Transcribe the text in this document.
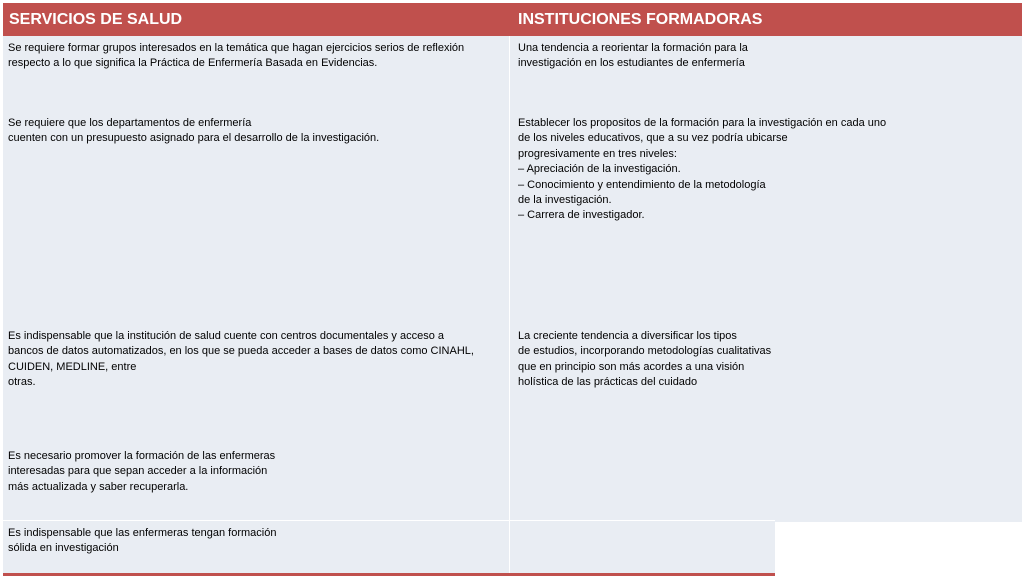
SERVICIOS DE SALUD	INSTITUCIONES FORMADORAS
Se requiere formar grupos interesados en la temática que hagan ejercicios serios de reflexión
respecto a lo que significa la Práctica de Enfermería Basada en Evidencias.
Una tendencia a reorientar la formación para la
investigación en los estudiantes de enfermería
Se requiere que los departamentos de enfermería
cuenten con un presupuesto asignado para el desarrollo de la investigación.
Establecer los propositos de la formación para la investigación en cada uno
de los niveles educativos, que a su vez podría ubicarse
progresivamente en tres niveles:
– Apreciación de la investigación.
– Conocimiento y entendimiento de la metodología
de la investigación.
– Carrera de investigador.
Es indispensable que la institución de salud cuente con centros documentales y acceso a
bancos de datos automatizados, en los que se pueda acceder a bases de datos como CINAHL,
CUIDEN, MEDLINE, entre
otras.
La creciente tendencia a diversificar los tipos
de estudios, incorporando metodologías cualitativas
que en principio son más acordes a una visión
holística de las prácticas del cuidado
Es necesario promover la formación de las enfermeras
interesadas para que sepan acceder a la información
más actualizada y saber recuperarla.
Es indispensable que las enfermeras tengan formación
sólida en investigación
